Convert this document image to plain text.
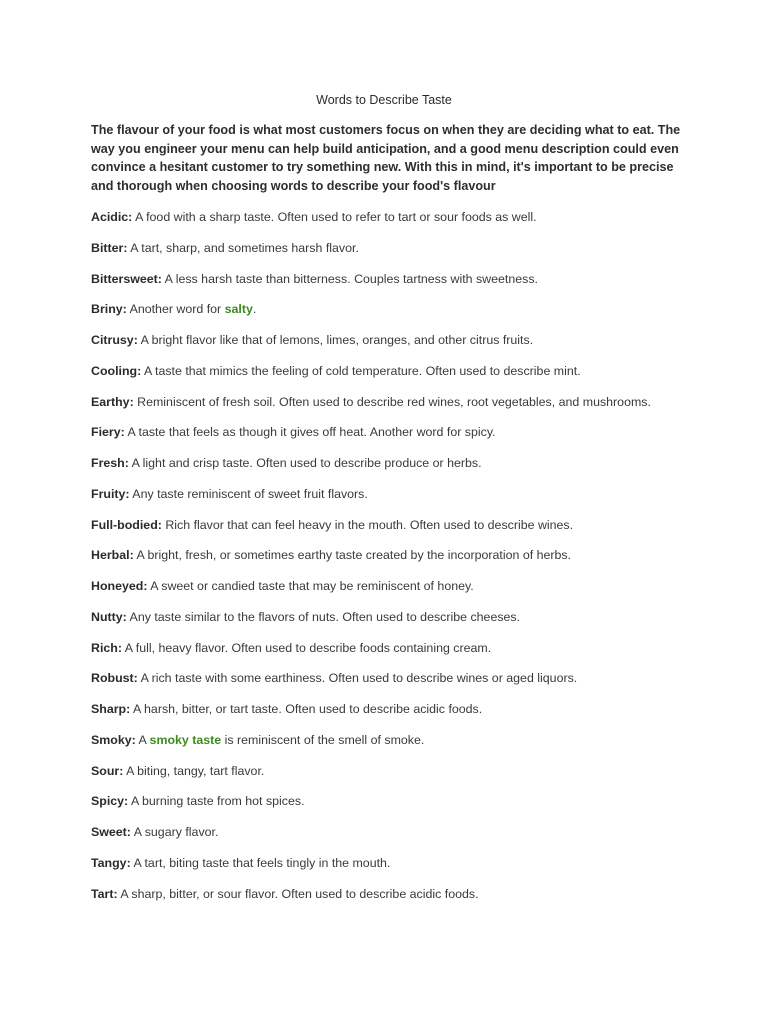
Words to Describe Taste

The flavour of your food is what most customers focus on when they are deciding what to eat. The way you engineer your menu can help build anticipation, and a good menu description could even convince a hesitant customer to try something new. With this in mind, it's important to be precise and thorough when choosing words to describe your food's flavour

Acidic: A food with a sharp taste. Often used to refer to tart or sour foods as well.
Bitter: A tart, sharp, and sometimes harsh flavor.
Bittersweet: A less harsh taste than bitterness. Couples tartness with sweetness.
Briny: Another word for salty.
Citrusy: A bright flavor like that of lemons, limes, oranges, and other citrus fruits.
Cooling: A taste that mimics the feeling of cold temperature. Often used to describe mint.
Earthy: Reminiscent of fresh soil. Often used to describe red wines, root vegetables, and mushrooms.
Fiery: A taste that feels as though it gives off heat. Another word for spicy.
Fresh: A light and crisp taste. Often used to describe produce or herbs.
Fruity: Any taste reminiscent of sweet fruit flavors.
Full-bodied: Rich flavor that can feel heavy in the mouth. Often used to describe wines.
Herbal: A bright, fresh, or sometimes earthy taste created by the incorporation of herbs.
Honeyed: A sweet or candied taste that may be reminiscent of honey.
Nutty: Any taste similar to the flavors of nuts. Often used to describe cheeses.
Rich: A full, heavy flavor. Often used to describe foods containing cream.
Robust: A rich taste with some earthiness. Often used to describe wines or aged liquors.
Sharp: A harsh, bitter, or tart taste. Often used to describe acidic foods.
Smoky: A smoky taste is reminiscent of the smell of smoke.
Sour: A biting, tangy, tart flavor.
Spicy: A burning taste from hot spices.
Sweet: A sugary flavor.
Tangy: A tart, biting taste that feels tingly in the mouth.
Tart: A sharp, bitter, or sour flavor. Often used to describe acidic foods.
